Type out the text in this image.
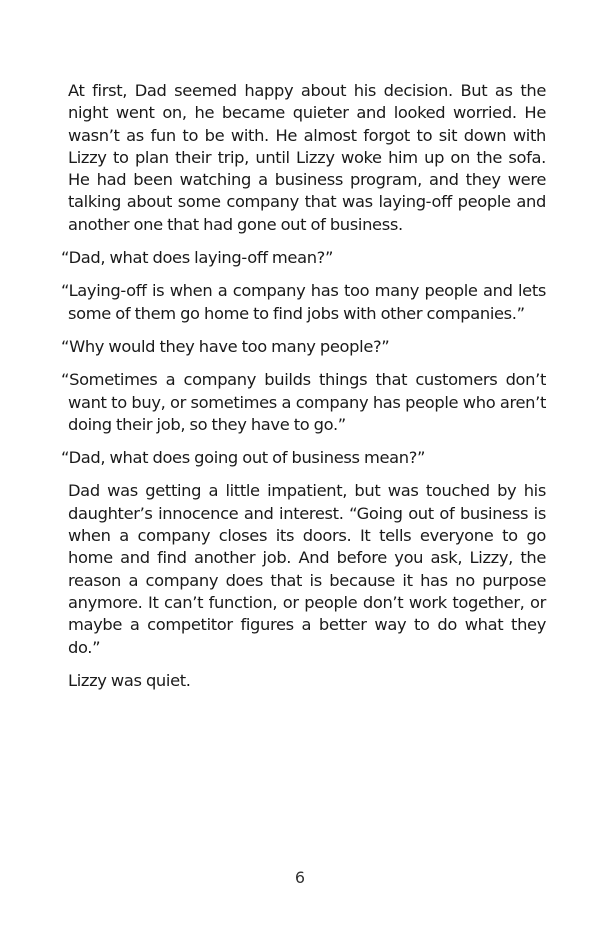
At first, Dad seemed happy about his decision. But as the night went on, he became quieter and looked worried. He wasn’t as fun to be with. He almost forgot to sit down with Lizzy to plan their trip, until Lizzy woke him up on the sofa. He had been watching a business program, and they were talking about some company that was laying-off people and another one that had gone out of business.

“Dad, what does laying-off mean?”

“Laying-off is when a company has too many people and lets some of them go home to find jobs with other companies.”

“Why would they have too many people?”

“Sometimes a company builds things that customers don’t want to buy, or sometimes a company has people who aren’t doing their job, so they have to go.”

“Dad, what does going out of business mean?”

Dad was getting a little impatient, but was touched by his daughter’s innocence and interest. “Going out of business is when a company closes its doors. It tells everyone to go home and find another job. And before you ask, Lizzy, the reason a company does that is because it has no purpose anymore. It can’t function, or people don’t work together, or maybe a competitor figures a better way to do what they do.”

Lizzy was quiet.

6
